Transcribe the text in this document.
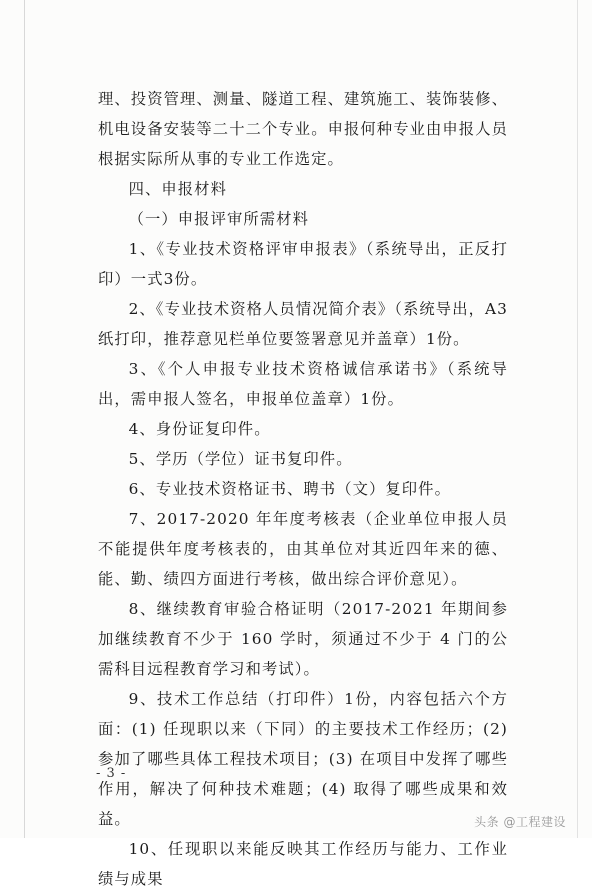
理、投资管理、测量、隧道工程、建筑施工、装饰装修、机电设备安装等二十二个专业。申报何种专业由申报人员根据实际所从事的专业工作选定。

四、申报材料

（一）申报评审所需材料

1、《专业技术资格评审申报表》（系统导出，正反打印）一式3份。

2、《专业技术资格人员情况简介表》（系统导出，A3纸打印，推荐意见栏单位要签署意见并盖章）1份。

3、《个人申报专业技术资格诚信承诺书》（系统导出，需申报人签名，申报单位盖章）1份。

4、身份证复印件。

5、学历（学位）证书复印件。

6、专业技术资格证书、聘书（文）复印件。

7、2017-2020 年年度考核表（企业单位申报人员不能提供年度考核表的，由其单位对其近四年来的德、能、勤、绩四方面进行考核，做出综合评价意见）。

8、继续教育审验合格证明（2017-2021 年期间参加继续教育不少于 160 学时，须通过不少于 4 门的公需科目远程教育学习和考试）。

9、技术工作总结（打印件）1份，内容包括六个方面：(1) 任现职以来（下同）的主要技术工作经历；(2) 参加了哪些具体工程技术项目；(3) 在项目中发挥了哪些作用，解决了何种技术难题；(4) 取得了哪些成果和效益。

10、任现职以来能反映其工作经历与能力、工作业绩与成果

- 3 -
头条 @工程建设
